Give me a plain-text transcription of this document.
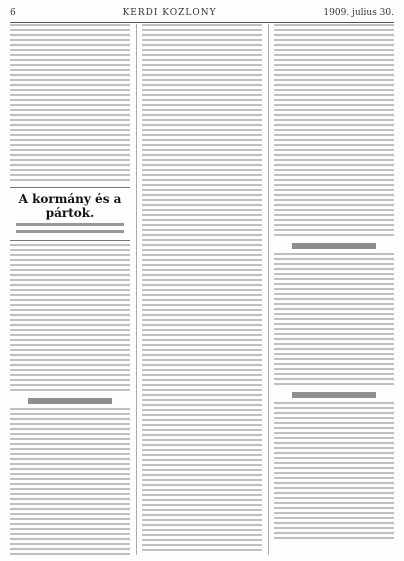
6	KERDI KOZLONY	1909. julius 30.
A kormány és a pártok.
